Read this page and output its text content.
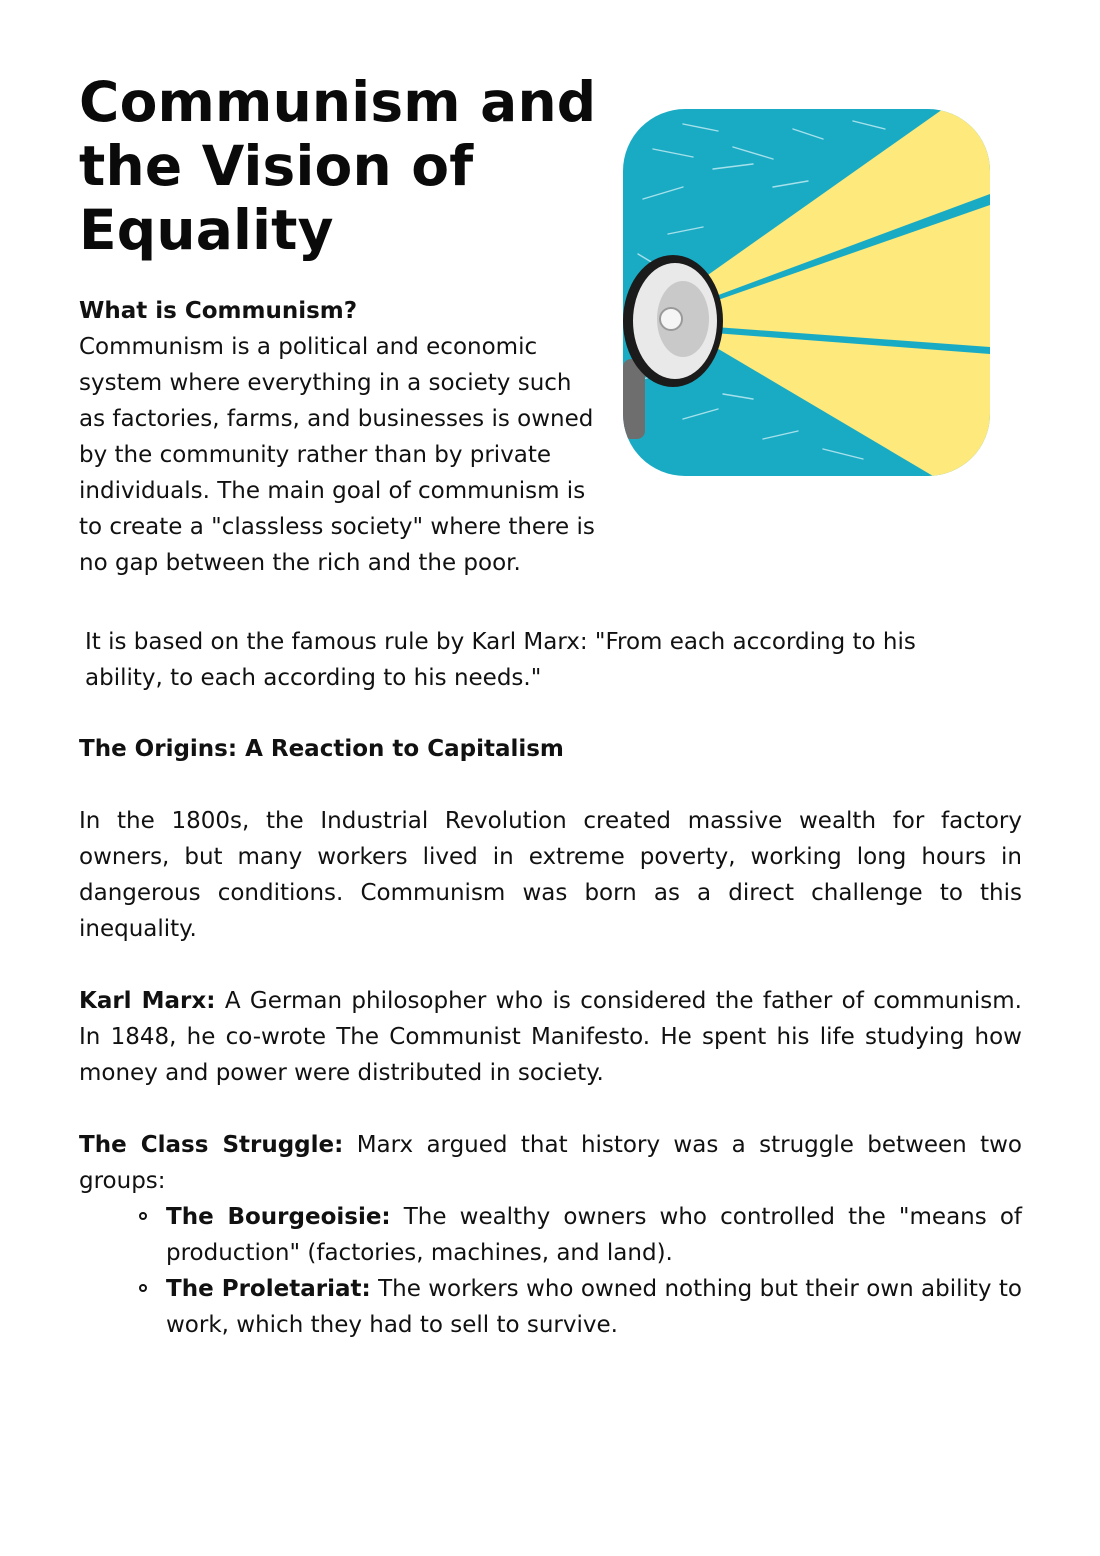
Communism and the Vision of Equality

What is Communism?

Communism is a political and economic system where everything in a society such as factories, farms, and businesses is owned by the community rather than by private individuals. The main goal of communism is to create a "classless society" where there is no gap between the rich and the poor.

It is based on the famous rule by Karl Marx: "From each according to his ability, to each according to his needs."

The Origins: A Reaction to Capitalism

In the 1800s, the Industrial Revolution created massive wealth for factory owners, but many workers lived in extreme poverty, working long hours in dangerous conditions. Communism was born as a direct challenge to this inequality.

Karl Marx: A German philosopher who is considered the father of communism. In 1848, he co-wrote The Communist Manifesto. He spent his life studying how money and power were distributed in society.

The Class Struggle: Marx argued that history was a struggle between two groups:

The Bourgeoisie: The wealthy owners who controlled the "means of production" (factories, machines, and land).
The Proletariat: The workers who owned nothing but their own ability to work, which they had to sell to survive.
